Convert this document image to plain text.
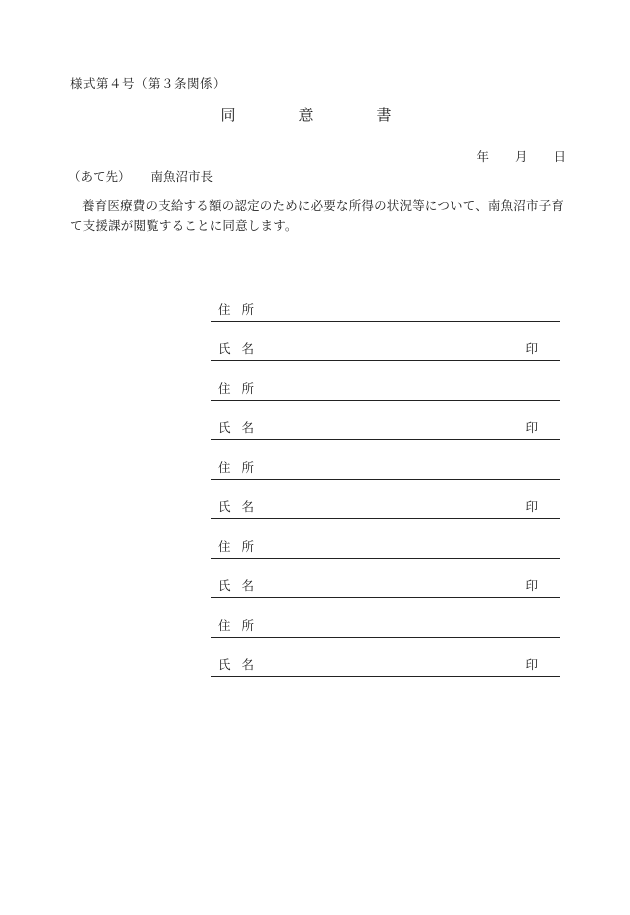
様式第４号（第３条関係）
同　意　書
年 月 日
（あて先） 南魚沼市長
養育医療費の支給する額の認定のために必要な所得の状況等について、南魚沼市子育て支援課が閲覧することに同意します。
住所
氏名	印
住所
氏名	印
住所
氏名	印
住所
氏名	印
住所
氏名	印
